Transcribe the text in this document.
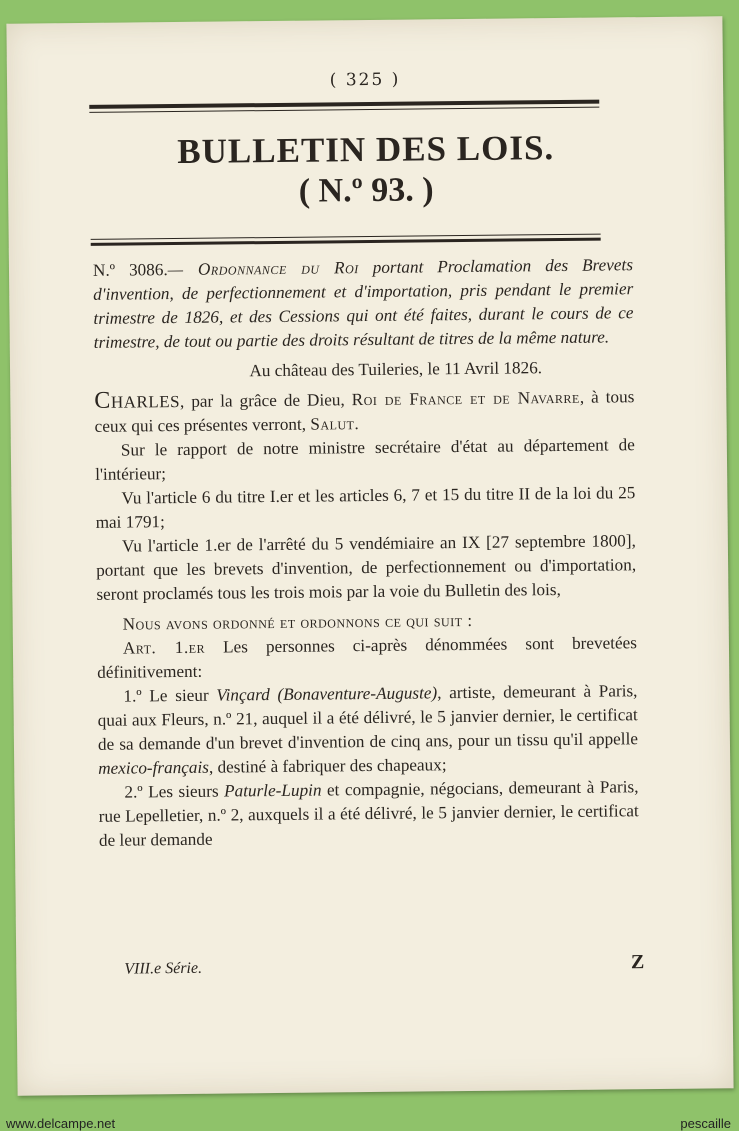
( 325 )
BULLETIN DES LOIS.
( N.º 93. )

N.º 3086.— Ordonnance du Roi portant Proclamation des Brevets d'invention, de perfectionnement et d'importation, pris pendant le premier trimestre de 1826, et des Cessions qui ont été faites, durant le cours de ce trimestre, de tout ou partie des droits résultant de titres de la même nature.

Au château des Tuileries, le 11 Avril 1826.

Charles, par la grâce de Dieu, Roi de France et de Navarre, à tous ceux qui ces présentes verront, Salut.

Sur le rapport de notre ministre secrétaire d'état au département de l'intérieur;

Vu l'article 6 du titre I.er et les articles 6, 7 et 15 du titre II de la loi du 25 mai 1791;

Vu l'article 1.er de l'arrêté du 5 vendémiaire an IX [27 septembre 1800], portant que les brevets d'invention, de perfectionnement ou d'importation, seront proclamés tous les trois mois par la voie du Bulletin des lois,

Nous avons ordonné et ordonnons ce qui suit :

Art. 1.er Les personnes ci-après dénommées sont brevetées définitivement:

1.º Le sieur Vinçard (Bonaventure-Auguste), artiste, demeurant à Paris, quai aux Fleurs, n.º 21, auquel il a été délivré, le 5 janvier dernier, le certificat de sa demande d'un brevet d'invention de cinq ans, pour un tissu qu'il appelle mexico-français, destiné à fabriquer des chapeaux;

2.º Les sieurs Paturle-Lupin et compagnie, négocians, demeurant à Paris, rue Lepelletier, n.º 2, auxquels il a été délivré, le 5 janvier dernier, le certificat de leur demande

VIII.e Série.	Z
www.delcampe.net	pescaille
